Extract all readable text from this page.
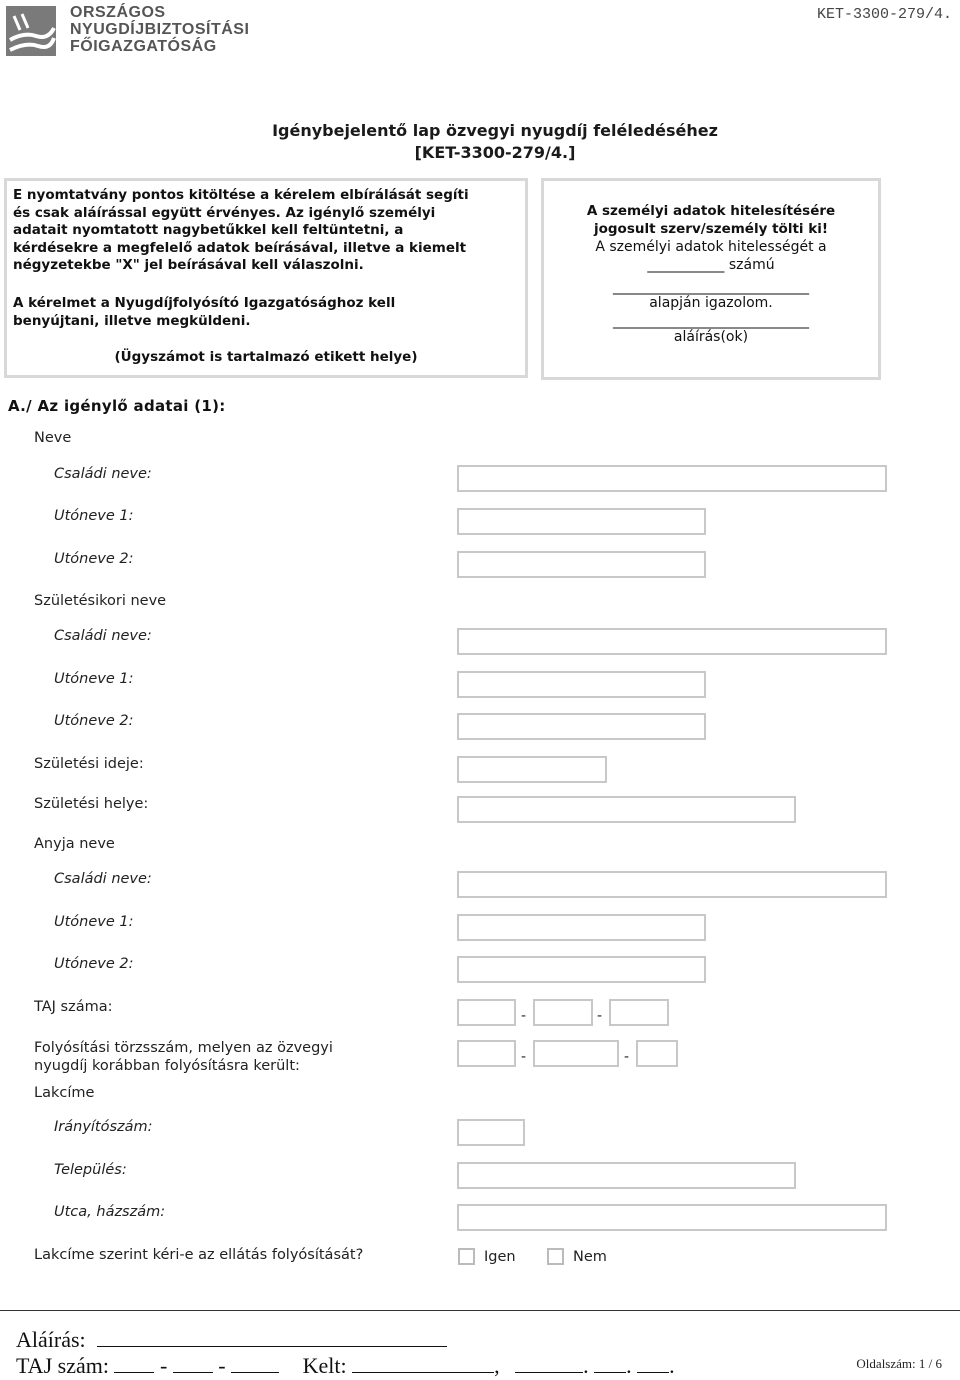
ORSZÁGOS
NYUGDÍJBIZTOSÍTÁSI
FŐIGAZGATÓSÁG
KET-3300-279/4.
Igénybejelentő lap özvegyi nyugdíj feléledéséhez
[KET-3300-279/4.]
E nyomtatvány pontos kitöltése a kérelem elbírálását segíti
és csak aláírással együtt érvényes. Az igénylő személyi
adatait nyomtatott nagybetűkkel kell feltüntetni, a
kérdésekre a megfelelő adatok beírásával, illetve a kiemelt
négyzetekbe "X" jel beírásával kell válaszolni.
A kérelmet a Nyugdíjfolyósító Igazgatósághoz kell
benyújtani, illetve megküldeni.
(Ügyszámot is tartalmazó etikett helye)
A személyi adatok hitelesítésére
jogosult szerv/személy tölti ki!
A személyi adatok hitelességét a
___________ számú
____________________________
alapján igazolom.
____________________________
aláírás(ok)
A./ Az igénylő adatai (1):
Neve
Családi neve:
Utóneve 1:
Utóneve 2:
Születésikori neve
Családi neve:
Utóneve 1:
Utóneve 2:
Születési ideje:
Születési helye:
Anyja neve
Családi neve:
Utóneve 1:
Utóneve 2:
TAJ száma:
-	-
Folyósítási törzsszám, melyen az özvegyi
nyugdíj korábban folyósításra került:
-	-
Lakcíme
Irányítószám:
Település:
Utca, házszám:
Lakcíme szerint kéri-e az ellátás folyósítását?	Igen	Nem
Aláírás:
TAJ szám: - -	Kelt:	,	. . .	Oldalszám: 1 / 6
